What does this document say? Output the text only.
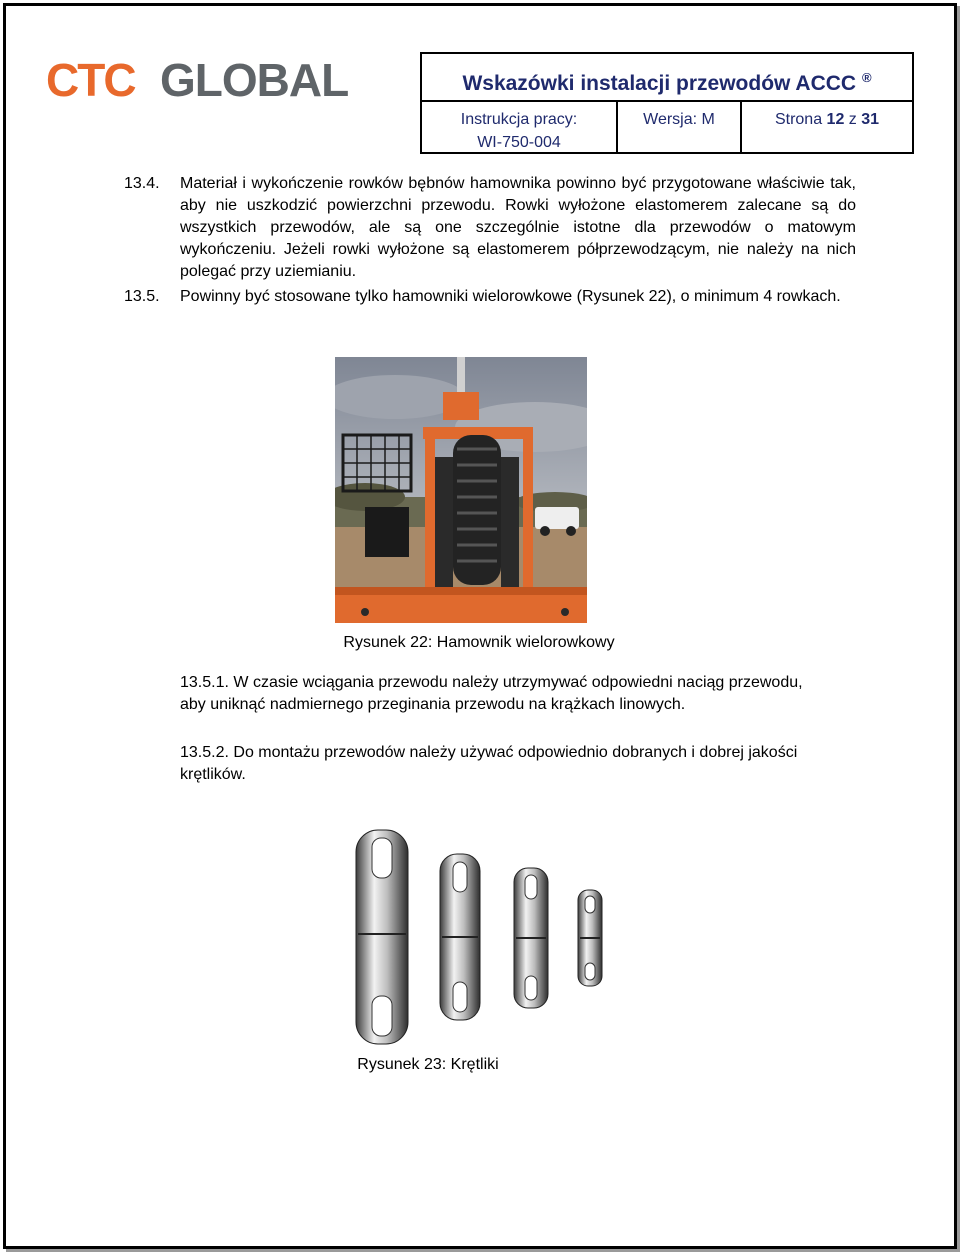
CTC GLOBAL	Wskazówki instalacji przewodów ACCC ®
Instrukcja pracy:
WI-750-004
Wersja: M	Strona 12 z 31
13.4. Materiał i wykończenie rowków bębnów hamownika powinno być przygotowane właściwie tak, aby nie uszkodzić powierzchni przewodu. Rowki wyłożone elastomerem zalecane są do wszystkich przewodów, ale są one szczególnie istotne dla przewodów o matowym wykończeniu. Jeżeli rowki wyłożone są elastomerem półprzewodzącym, nie należy na nich polegać przy uziemianiu.
13.5. Powinny być stosowane tylko hamowniki wielorowkowe (Rysunek 22), o minimum 4 rowkach.
Rysunek 22: Hamownik wielorowkowy
13.5.1. W czasie wciągania przewodu należy utrzymywać odpowiedni naciąg przewodu, aby uniknąć nadmiernego przeginania przewodu na krążkach linowych.
13.5.2. Do montażu przewodów należy używać odpowiednio dobranych i dobrej jakości krętlików.
Rysunek 23: Krętliki
